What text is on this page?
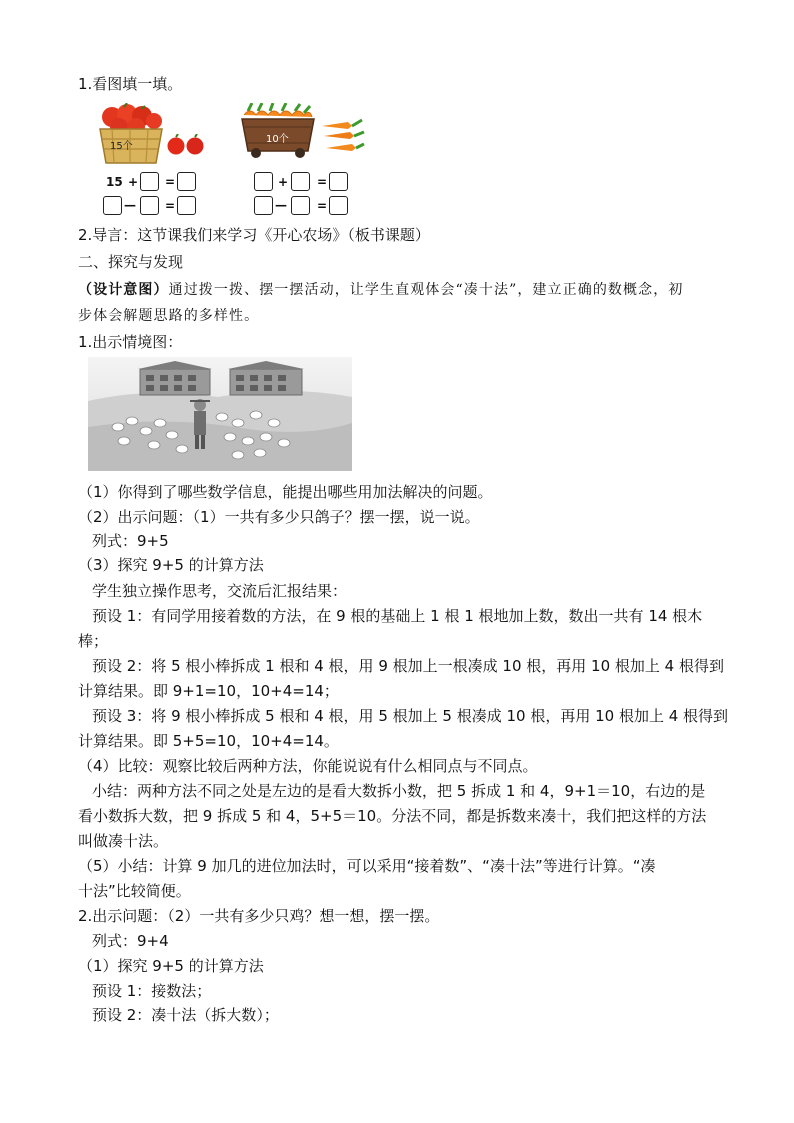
1.看图填一填。
15个
10个
15 + =
— =
+ =
—	=
2.导言：这节课我们来学习《开心农场》（板书课题）
二、探究与发现
（设计意图）通过拨一拨、摆一摆活动，让学生直观体会“凑十法”，建立正确的数概念，初
步体会解题思路的多样性。
1.出示情境图：
（1）你得到了哪些数学信息，能提出哪些用加法解决的问题。
（2）出示问题：（1）一共有多少只鸽子？摆一摆，说一说。
列式：9+5
（3）探究 9+5 的计算方法
学生独立操作思考，交流后汇报结果：
预设 1：有同学用接着数的方法，在 9 根的基础上 1 根 1 根地加上数，数出一共有 14 根木
棒；
预设 2：将 5 根小棒拆成 1 根和 4 根，用 9 根加上一根凑成 10 根，再用 10 根加上 4 根得到
计算结果。即 9+1=10，10+4=14；
预设 3：将 9 根小棒拆成 5 根和 4 根，用 5 根加上 5 根凑成 10 根，再用 10 根加上 4 根得到
计算结果。即 5+5=10，10+4=14。
（4）比较：观察比较后两种方法，你能说说有什么相同点与不同点。
小结：两种方法不同之处是左边的是看大数拆小数，把 5 拆成 1 和 4，9+1＝10，右边的是
看小数拆大数，把 9 拆成 5 和 4，5+5＝10。分法不同，都是拆数来凑十，我们把这样的方法
叫做凑十法。
（5）小结：计算 9 加几的进位加法时，可以采用“接着数”、“凑十法”等进行计算。“凑
十法”比较简便。
2.出示问题：（2）一共有多少只鸡？想一想，摆一摆。
列式：9+4
（1）探究 9+5 的计算方法
预设 1：接数法；
预设 2：凑十法（拆大数）；
